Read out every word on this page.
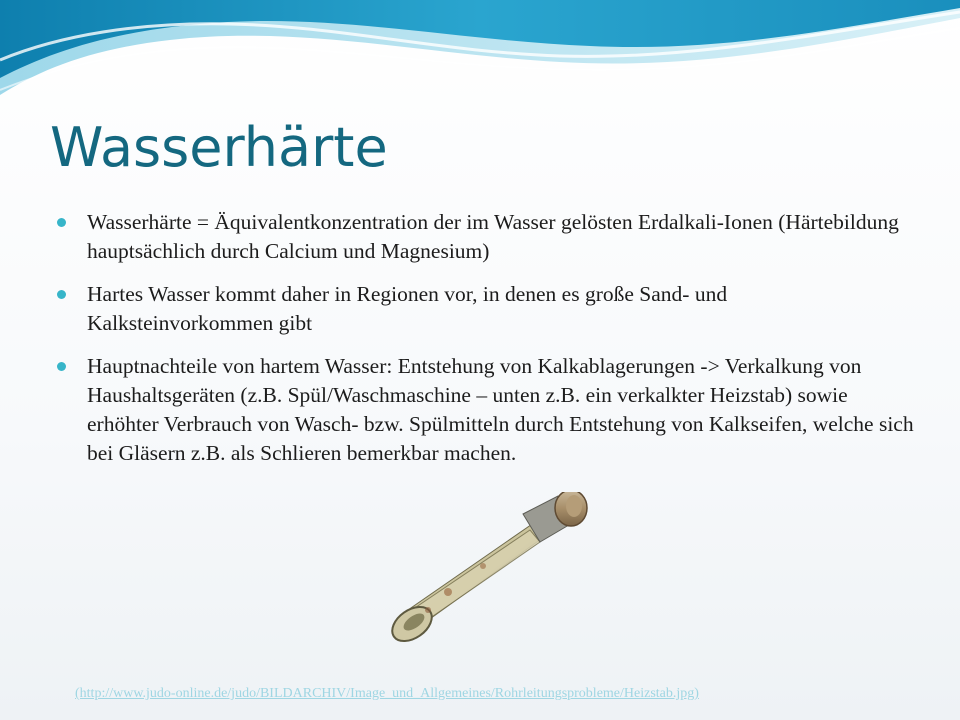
Wasserhärte
Wasserhärte = Äquivalentkonzentration der im Wasser gelösten Erdalkali-Ionen (Härtebildung hauptsächlich durch Calcium und Magnesium)
Hartes Wasser kommt daher in Regionen vor, in denen es große Sand- und Kalksteinvorkommen gibt
Hauptnachteile von hartem Wasser: Entstehung von Kalkablagerungen -> Verkalkung von Haushaltsgeräten (z.B. Spül/Waschmaschine – unten z.B. ein verkalkter Heizstab) sowie erhöhter Verbrauch von Wasch- bzw. Spülmitteln durch Entstehung von Kalkseifen, welche sich bei Gläsern z.B. als Schlieren bemerkbar machen.
(http://www.judo-online.de/judo/BILDARCHIV/Image_und_Allgemeines/Rohrleitungsprobleme/Heizstab.jpg)
